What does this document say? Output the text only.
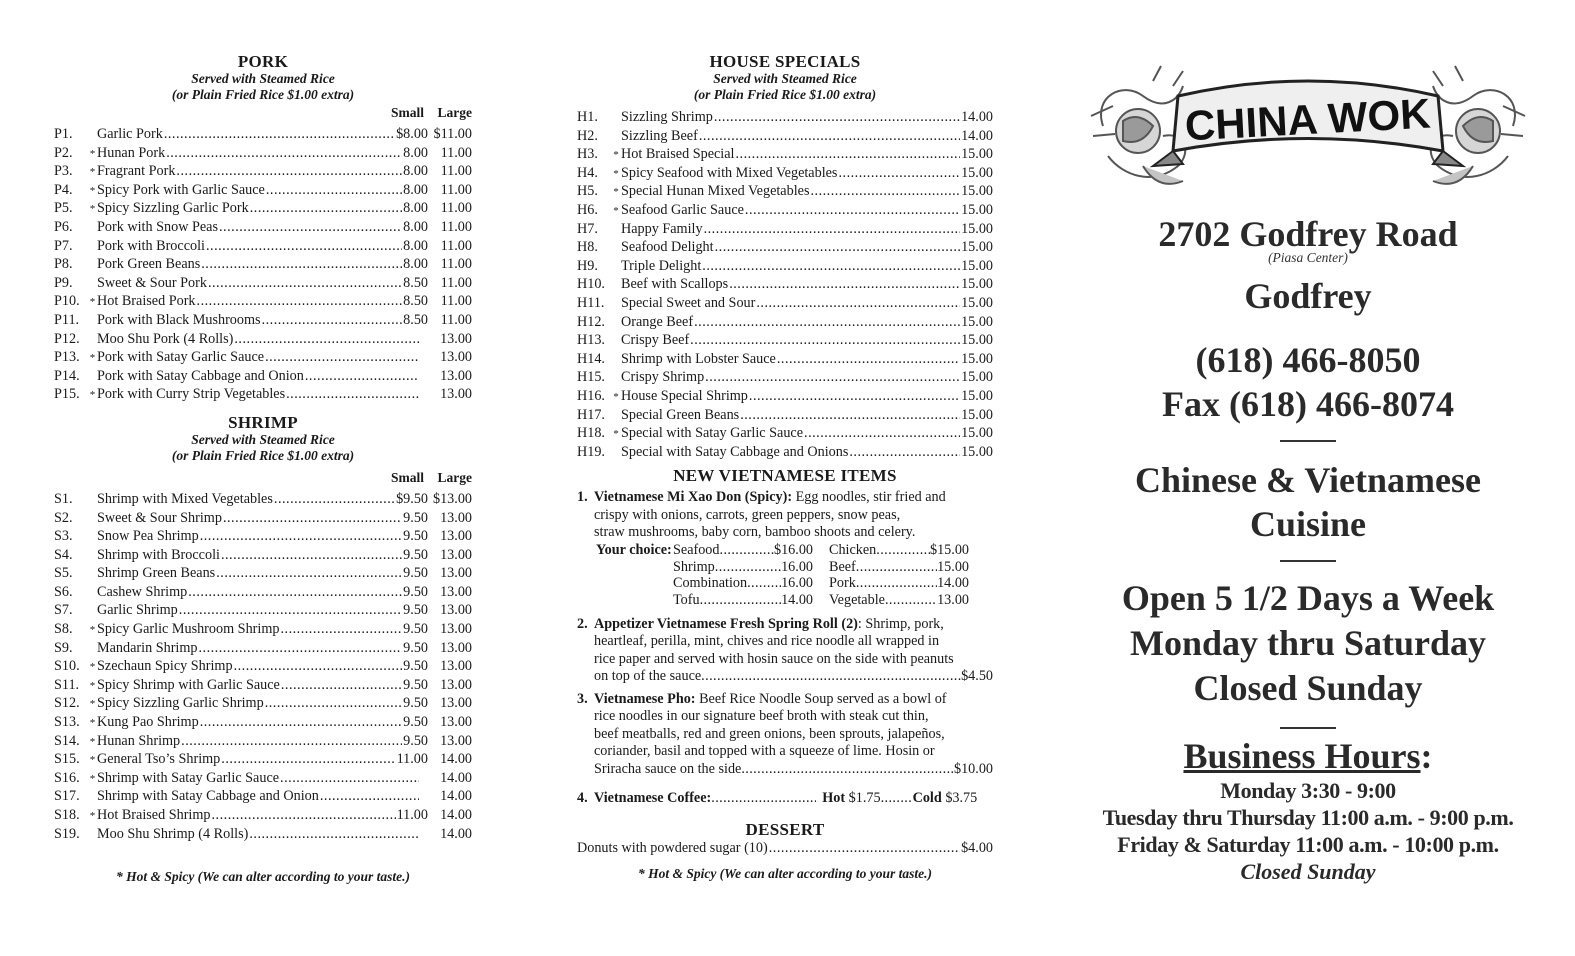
PORK
Served with Steamed Rice
(or Plain Fried Rice $1.00 extra)
Small	Large
P1.	Garlic Pork .....	$8.00 $11.00
P2.	* Hunan Pork .....	8.00 11.00
P3.	* Fragrant Pork .....	8.00 11.00
P4.	* Spicy Pork with Garlic Sauce .....	8.00 11.00
P5.	* Spicy Sizzling Garlic Pork .....	8.00 11.00
P6.	Pork with Snow Peas .....	8.00 11.00
P7.	Pork with Broccoli .....	8.00 11.00
P8.	Pork Green Beans .....	8.00 11.00
P9.	Sweet & Sour Pork .....	8.50 11.00
P10. * Hot Braised Pork .....	8.50 11.00
P11.	Pork with Black Mushrooms .....	8.50 11.00
P12.	Moo Shu Pork (4 Rolls) .....	13.00
P13. * Pork with Satay Garlic Sauce .....	13.00
P14.	Pork with Satay Cabbage and Onion .....	13.00
P15. * Pork with Curry Strip Vegetables .....	13.00
SHRIMP
Served with Steamed Rice
(or Plain Fried Rice $1.00 extra)
Small	Large
S1.	Shrimp with Mixed Vegetables .....	$9.50 $13.00
S2.	Sweet & Sour Shrimp .....	9.50 13.00
S3.	Snow Pea Shrimp .....	9.50 13.00
S4.	Shrimp with Broccoli .....	9.50 13.00
S5.	Shrimp Green Beans .....	9.50 13.00
S6.	Cashew Shrimp .....	9.50 13.00
S7.	Garlic Shrimp .....	9.50 13.00
S8.	* Spicy Garlic Mushroom Shrimp .....	9.50 13.00
S9.	Mandarin Shrimp .....	9.50 13.00
S10. * Szechaun Spicy Shrimp .....	9.50 13.00
S11. * Spicy Shrimp with Garlic Sauce .....	9.50 13.00
S12. * Spicy Sizzling Garlic Shrimp .....	9.50 13.00
S13. * Kung Pao Shrimp .....	9.50 13.00
S14. * Hunan Shrimp .....	9.50 13.00
S15. * General Tso’s Shrimp .....	11.00 14.00
S16. * Shrimp with Satay Garlic Sauce .....	14.00
S17.	Shrimp with Satay Cabbage and Onion .....	14.00
S18. * Hot Braised Shrimp .....	11.00 14.00
S19.	Moo Shu Shrimp (4 Rolls) .....	14.00
* Hot & Spicy (We can alter according to your taste.)
HOUSE SPECIALS
Served with Steamed Rice
(or Plain Fried Rice $1.00 extra)
H1.	Sizzling Shrimp .....	14.00
H2.	Sizzling Beef .....	14.00
H3.	* Hot Braised Special .....	15.00
H4.	* Spicy Seafood with Mixed Vegetables .....	15.00
H5.	* Special Hunan Mixed Vegetables .....	15.00
H6.	* Seafood Garlic Sauce .....	15.00
H7.	Happy Family .....	15.00
H8.	Seafood Delight .....	15.00
H9.	Triple Delight .....	15.00
H10.	Beef with Scallops .....	15.00
H11.	Special Sweet and Sour .....	15.00
H12.	Orange Beef .....	15.00
H13.	Crispy Beef .....	15.00
H14.	Shrimp with Lobster Sauce .....	15.00
H15.	Crispy Shrimp .....	15.00
H16. * House Special Shrimp .....	15.00
H17.	Special Green Beans .....	15.00
H18. * Special with Satay Garlic Sauce .....	15.00
H19.	Special with Satay Cabbage and Onions .....	15.00
NEW VIETNAMESE ITEMS
1. Vietnamese Mi Xao Don (Spicy): Egg noodles, stir fried and

crispy with onions, carrots, green peppers, snow peas,

straw mushrooms, baby corn, bamboo shoots and celery.

Your choice: Seafood .....	$16.00 Chicken .....	$15.00
Shrimp .....	16.00 Beef .....	15.00
Combination ..... 16.00 Pork .....	14.00
Tofu .....	14.00 Vegetable .....	13.00
2. Appetizer Vietnamese Fresh Spring Roll (2): Shrimp, pork,

heartleaf, perilla, mint, chives and rice noodle all wrapped in

rice paper and served with hosin sauce on the side with peanuts

on top of the sauce .....	$4.50
3. Vietnamese Pho: Beef Rice Noodle Soup served as a bowl of

rice noodles in our signature beef broth with steak cut thin,

beef meatballs, red and green onions, been sprouts, jalapeños,

coriander, basil and topped with a squeeze of lime. Hosin or

Sriracha sauce on the side .....	$10.00
4. Vietnamese Coffee: .....	Hot $1.75 ..... Cold $3.75
DESSERT
Donuts with powdered sugar (10) .....	$4.00
* Hot & Spicy (We can alter according to your taste.)
CHINA WOK
2702 Godfrey Road
(Piasa Center)
Godfrey
(618) 466-8050
Fax (618) 466-8074
Chinese & Vietnamese
Cuisine
Open 5 1/2 Days a Week
Monday thru Saturday
Closed Sunday
Business Hours:
Monday 3:30 - 9:00
Tuesday thru Thursday 11:00 a.m. - 9:00 p.m.
Friday & Saturday 11:00 a.m. - 10:00 p.m.
Closed Sunday
